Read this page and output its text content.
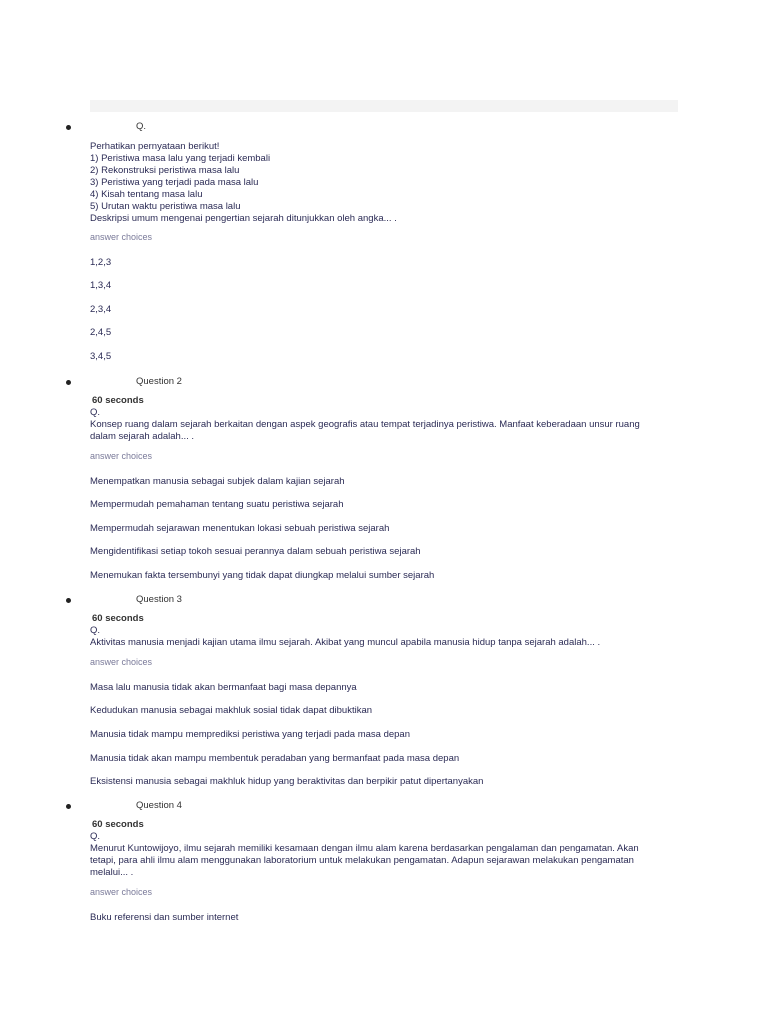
Q.
Perhatikan pernyataan berikut!
1) Peristiwa masa lalu yang terjadi kembali
2) Rekonstruksi peristiwa masa lalu
3) Peristiwa yang terjadi pada masa lalu
4) Kisah tentang masa lalu
5) Urutan waktu peristiwa masa lalu
Deskripsi umum mengenai pengertian sejarah ditunjukkan oleh angka... .
answer choices
1,2,3
1,3,4
2,3,4
2,4,5
3,4,5
Question 2
60 seconds
Q.
Konsep ruang dalam sejarah berkaitan dengan aspek geografis atau tempat terjadinya peristiwa. Manfaat keberadaan unsur ruang
dalam sejarah adalah... .
answer choices
Menempatkan manusia sebagai subjek dalam kajian sejarah
Mempermudah pemahaman tentang suatu peristiwa sejarah
Mempermudah sejarawan menentukan lokasi sebuah peristiwa sejarah
Mengidentifikasi setiap tokoh sesuai perannya dalam sebuah peristiwa sejarah
Menemukan fakta tersembunyi yang tidak dapat diungkap melalui sumber sejarah
Question 3
60 seconds
Q.
Aktivitas manusia menjadi kajian utama ilmu sejarah. Akibat yang muncul apabila manusia hidup tanpa sejarah adalah... .
answer choices
Masa lalu manusia tidak akan bermanfaat bagi masa depannya
Kedudukan manusia sebagai makhluk sosial tidak dapat dibuktikan
Manusia tidak mampu memprediksi peristiwa yang terjadi pada masa depan
Manusia tidak akan mampu membentuk peradaban yang bermanfaat pada masa depan
Eksistensi manusia sebagai makhluk hidup yang beraktivitas dan berpikir patut dipertanyakan
Question 4
60 seconds
Q.
Menurut Kuntowijoyo, ilmu sejarah memiliki kesamaan dengan ilmu alam karena berdasarkan pengalaman dan pengamatan. Akan
tetapi, para ahli ilmu alam menggunakan laboratorium untuk melakukan pengamatan. Adapun sejarawan melakukan pengamatan
melalui... .
answer choices
Buku referensi dan sumber internet
